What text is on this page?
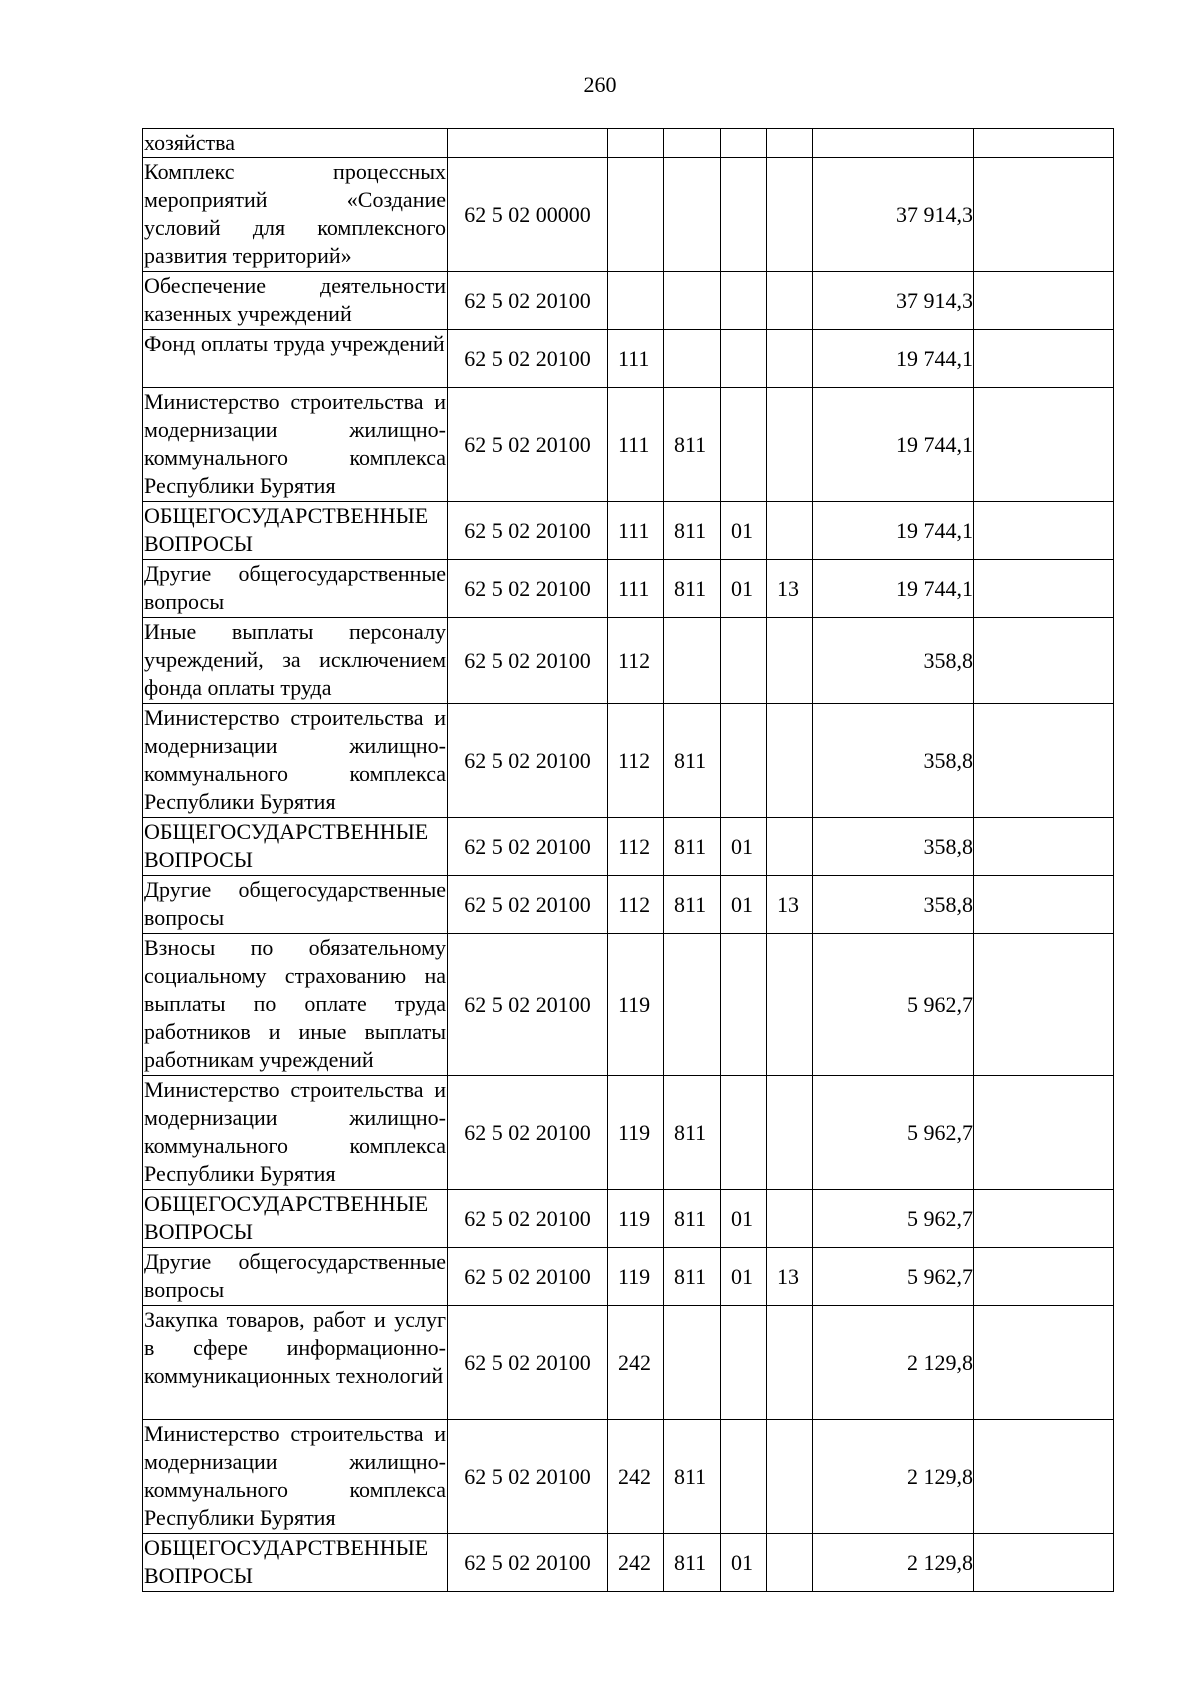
260
хозяйства							
Комплекс процессных мероприятий «Создание условий для комплексного развития территорий»	62 5 02 00000					37 914,3	
Обеспечение деятельности казенных учреждений	62 5 02 20100					37 914,3	
Фонд оплаты труда учреждений	62 5 02 20100	111				19 744,1	
Министерство строительства и модернизации жилищно-коммунального комплекса Республики Бурятия	62 5 02 20100	111	811			19 744,1	
ОБЩЕГОСУДАРСТВЕННЫЕ ВОПРОСЫ	62 5 02 20100	111	811	01		19 744,1	
Другие общегосударственные вопросы	62 5 02 20100	111	811	01	13	19 744,1	
Иные выплаты персоналу учреждений, за исключением фонда оплаты труда	62 5 02 20100	112				358,8	
Министерство строительства и модернизации жилищно-коммунального комплекса Республики Бурятия	62 5 02 20100	112	811			358,8	
ОБЩЕГОСУДАРСТВЕННЫЕ ВОПРОСЫ	62 5 02 20100	112	811	01		358,8	
Другие общегосударственные вопросы	62 5 02 20100	112	811	01	13	358,8	
Взносы по обязательному социальному страхованию на выплаты по оплате труда работников и иные выплаты работникам учреждений	62 5 02 20100	119				5 962,7	
Министерство строительства и модернизации жилищно-коммунального комплекса Республики Бурятия	62 5 02 20100	119	811			5 962,7	
ОБЩЕГОСУДАРСТВЕННЫЕ ВОПРОСЫ	62 5 02 20100	119	811	01		5 962,7	
Другие общегосударственные вопросы	62 5 02 20100	119	811	01	13	5 962,7	
Закупка товаров, работ и услуг в сфере информационно-коммуникационных технологий	62 5 02 20100	242				2 129,8	
Министерство строительства и модернизации жилищно-коммунального комплекса Республики Бурятия	62 5 02 20100	242	811			2 129,8	
ОБЩЕГОСУДАРСТВЕННЫЕ ВОПРОСЫ	62 5 02 20100	242	811	01		2 129,8	
